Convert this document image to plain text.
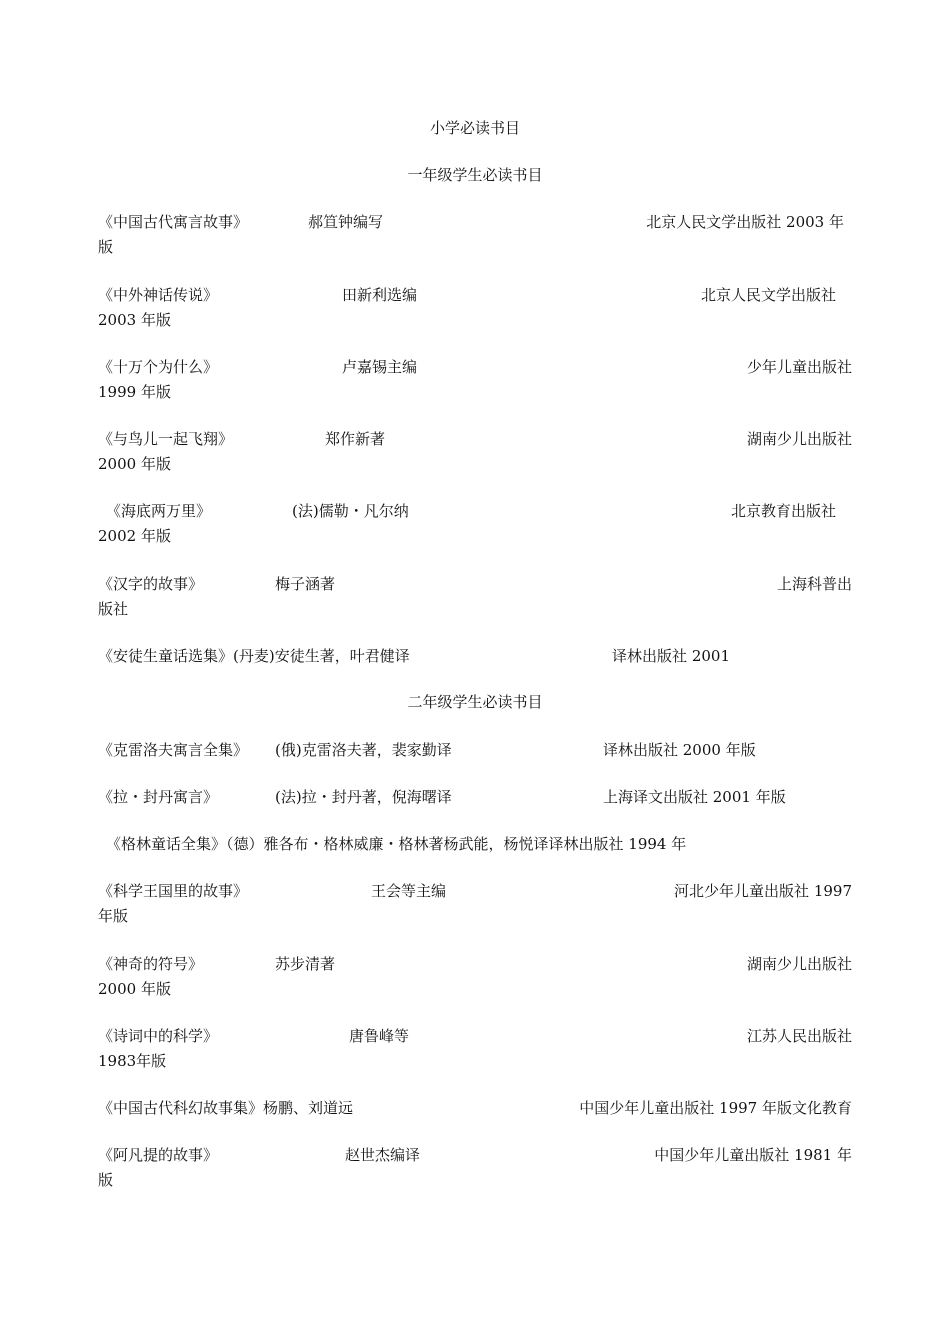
小学必读书目
一年级学生必读书目
《中国古代寓言故事》	郝笪钟编写	北京人民文学出版社 2003 年
版
《中外神话传说》	田新利选编	北京人民文学出版社
2003 年版
《十万个为什么》	卢嘉锡主编	少年儿童出版社
1999 年版
《与鸟儿一起飞翔》	郑作新著	湖南少儿出版社
2000 年版
《海底两万里》	(法)儒勒・凡尔纳	北京教育出版社
2002 年版
《汉字的故事》	梅子涵著	上海科普出
版社
《安徒生童话选集》(丹麦)安徒生著，叶君健译	译林出版社 2001
二年级学生必读书目
《克雷洛夫寓言全集》 (俄)克雷洛夫著，裴家勤译	译林出版社 2000 年版
《拉・封丹寓言》	(法)拉・封丹著，倪海曙译	上海译文出版社 2001 年版
《格林童话全集》（德）雅各布・格林威廉・格林著杨武能，杨悦译译林出版社 1994 年
《科学王国里的故事》	王会等主编	河北少年儿童出版社 1997
年版
《神奇的符号》	苏步清著	湖南少儿出版社
2000 年版
《诗词中的科学》	唐鲁峰等	江苏人民出版社
1983年版
《中国古代科幻故事集》杨鹏、刘道远	中国少年儿童出版社 1997 年版文化教育
《阿凡提的故事》	赵世杰编译	中国少年儿童出版社 1981 年
版
